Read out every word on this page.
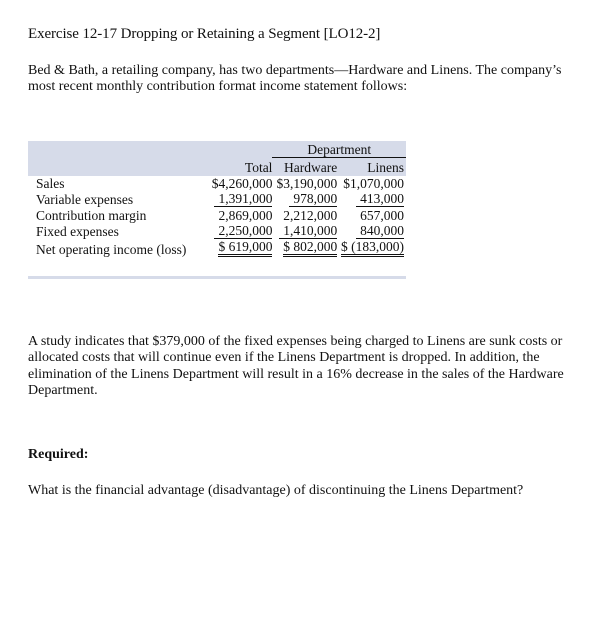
Exercise 12-17 Dropping or Retaining a Segment [LO12-2]
Bed & Bath, a retailing company, has two departments—Hardware and Linens. The company’s most recent monthly contribution format income statement follows:
		Department	
	Total	Hardware	Linens
Sales	$4,260,000	$3,190,000	$1,070,000
Variable expenses	1,391,000	978,000	413,000
Contribution margin	2,869,000	2,212,000	657,000
Fixed expenses	2,250,000	1,410,000	840,000
Net operating income (loss)	$ 619,000	$ 802,000	$ (183,000)
A study indicates that $379,000 of the fixed expenses being charged to Linens are sunk costs or allocated costs that will continue even if the Linens Department is dropped. In addition, the elimination of the Linens Department will result in a 16% decrease in the sales of the Hardware Department.
Required:
What is the financial advantage (disadvantage) of discontinuing the Linens Department?
